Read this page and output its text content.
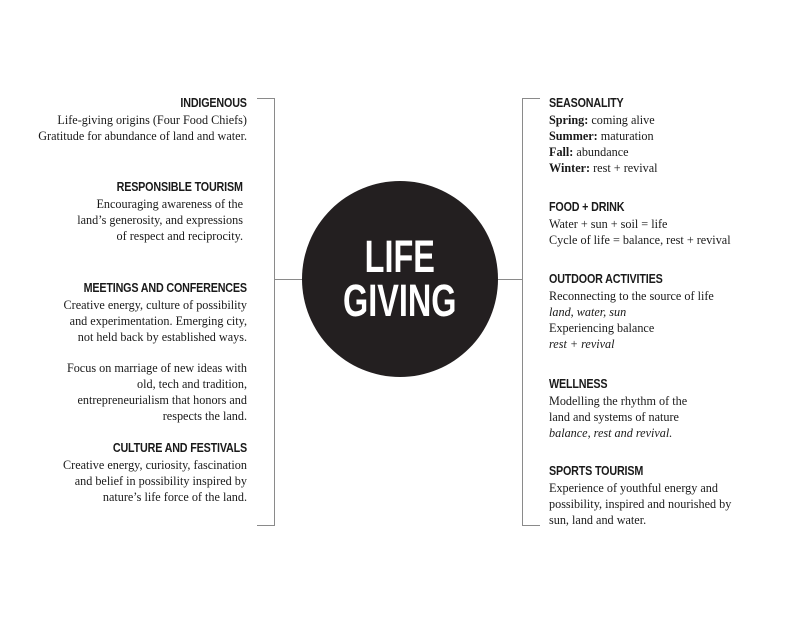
LIFE
GIVING
INDIGENOUS
Life-giving origins (Four Food Chiefs)
Gratitude for abundance of land and water.
RESPONSIBLE TOURISM
Encouraging awareness of the
land’s generosity, and expressions
of respect and reciprocity.
MEETINGS AND CONFERENCES
Creative energy, culture of possibility
and experimentation. Emerging city,
not held back by established ways.
Focus on marriage of new ideas with
old, tech and tradition,
entrepreneurialism that honors and
respects the land.
CULTURE AND FESTIVALS
Creative energy, curiosity, fascination
and belief in possibility inspired by
nature’s life force of the land.
SEASONALITY
Spring: coming alive
Summer: maturation
Fall: abundance
Winter: rest + revival
FOOD + DRINK
Water + sun + soil = life
Cycle of life = balance, rest + revival
OUTDOOR ACTIVITIES
Reconnecting to the source of life
land, water, sun
Experiencing balance
rest + revival
WELLNESS
Modelling the rhythm of the
land and systems of nature
balance, rest and revival.
SPORTS TOURISM
Experience of youthful energy and
possibility, inspired and nourished by
sun, land and water.
